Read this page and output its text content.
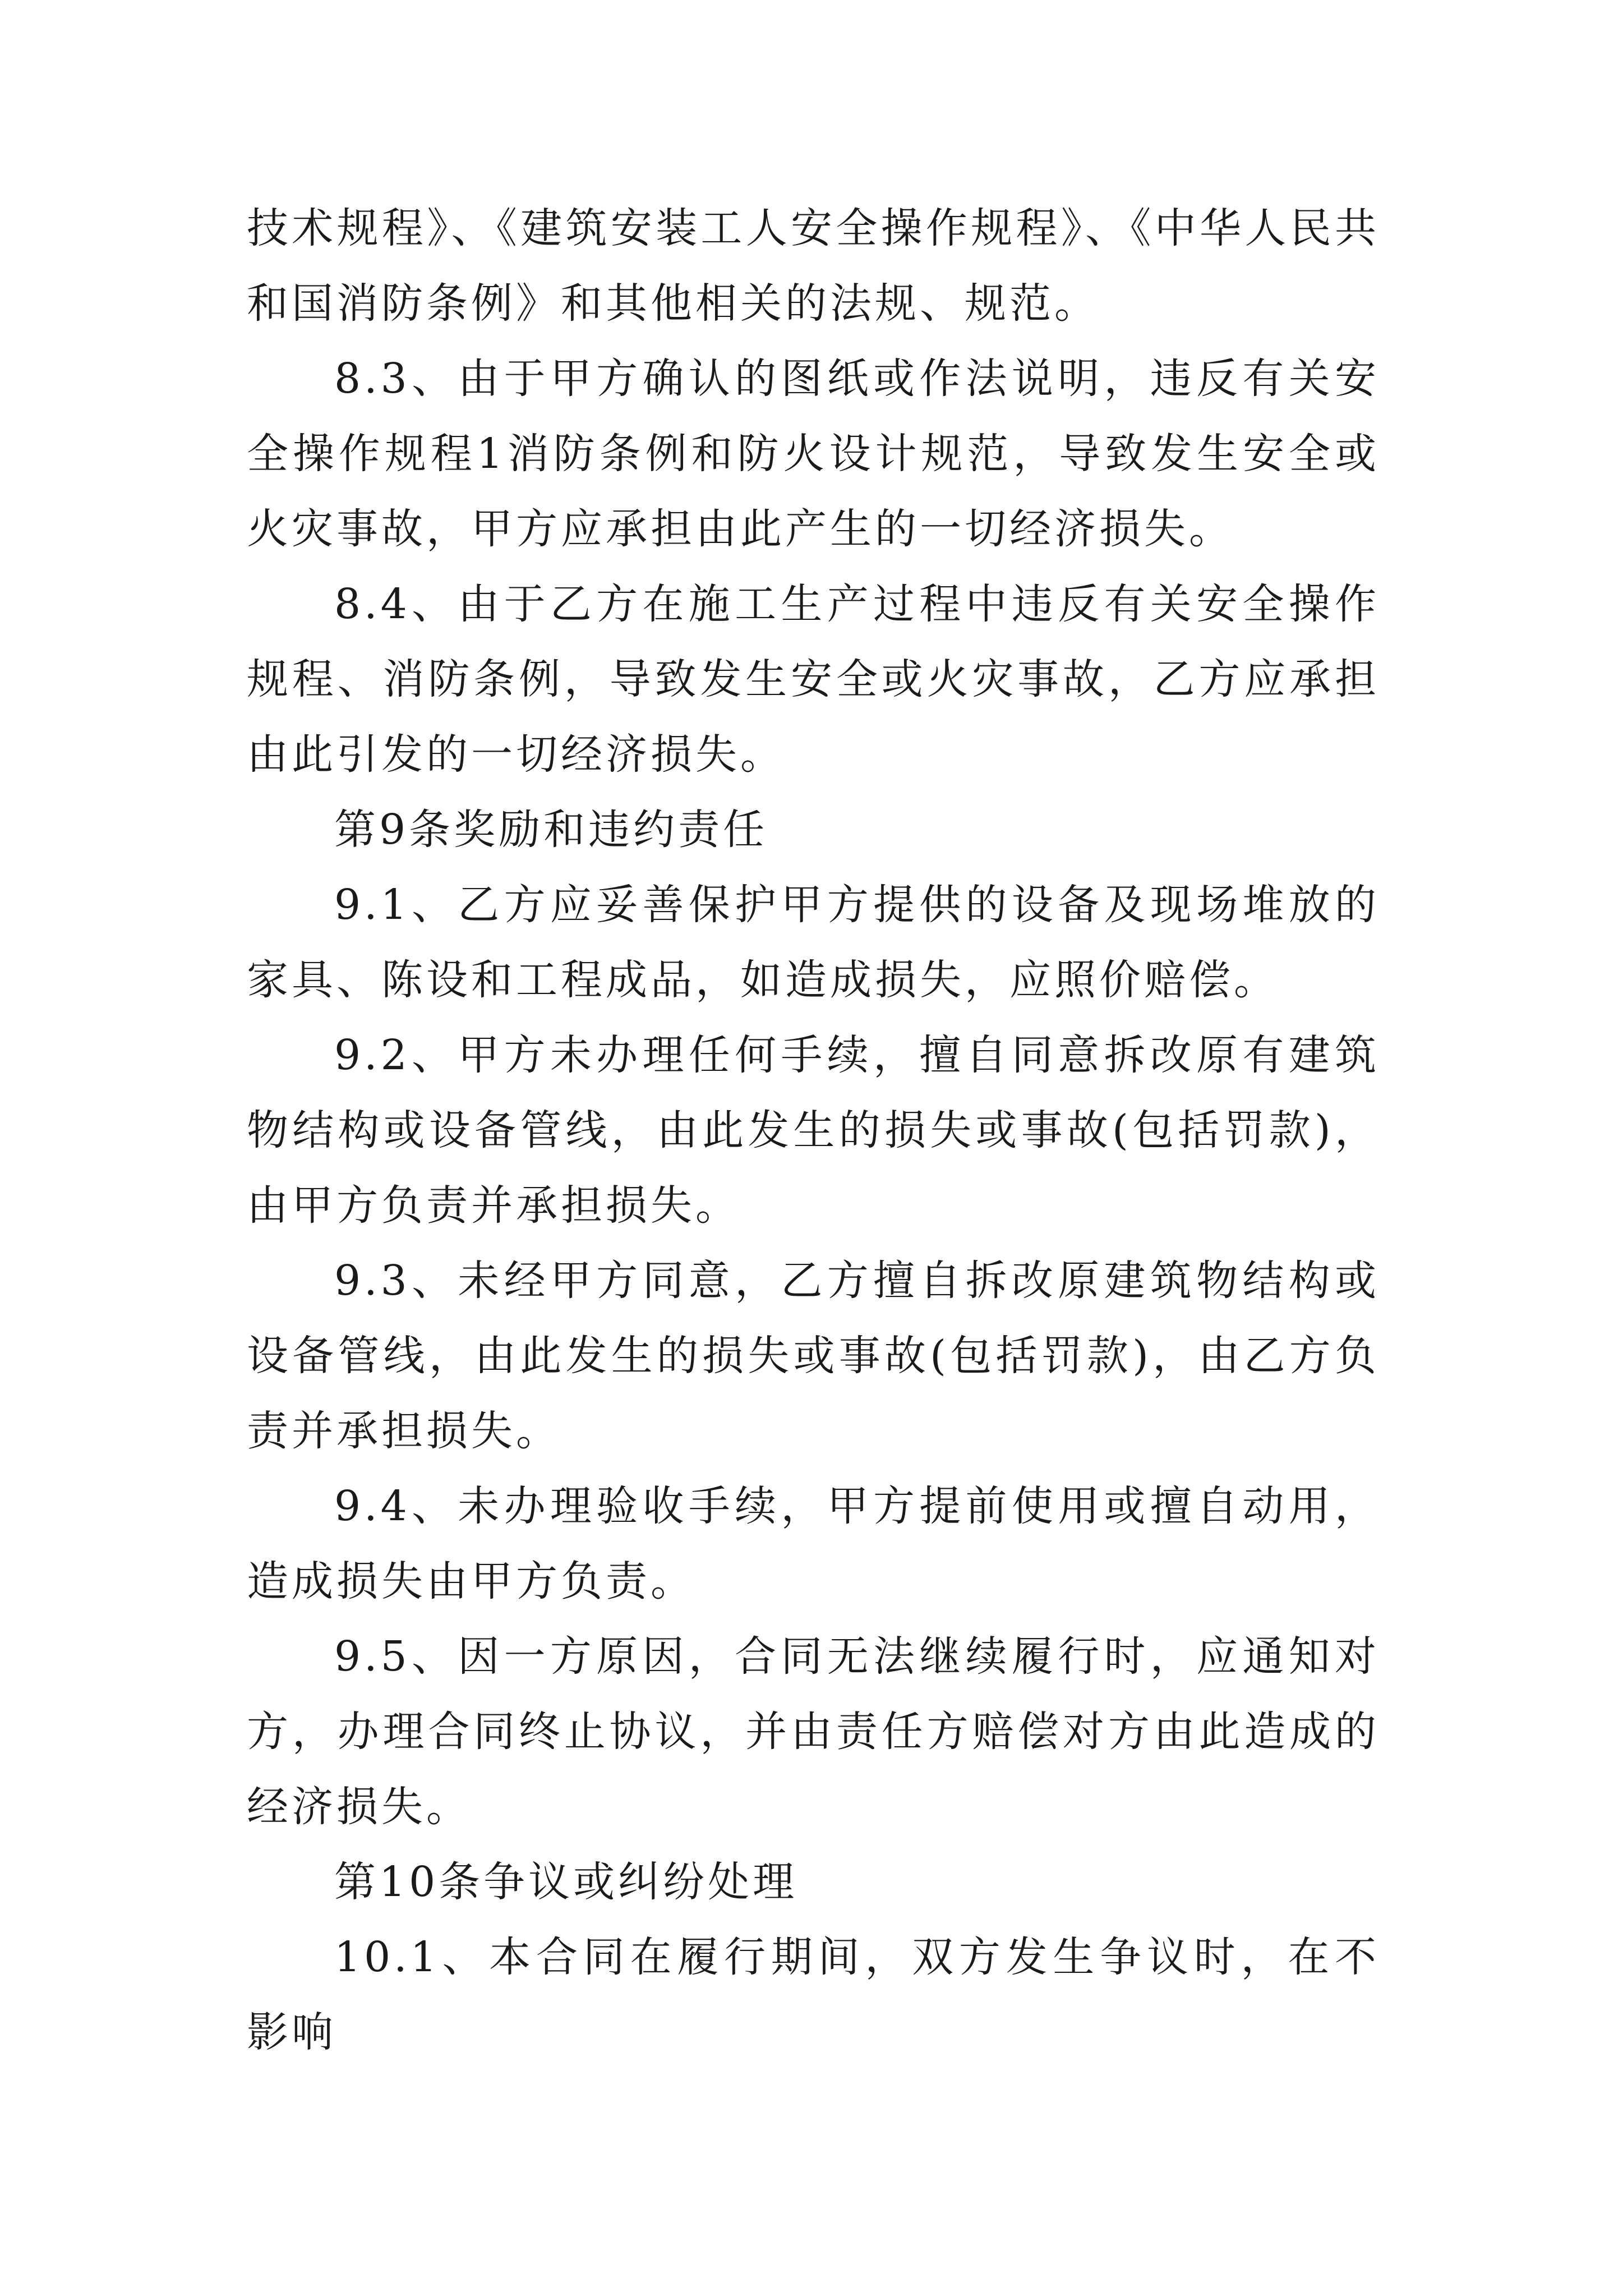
技术规程》、《建筑安装工人安全操作规程》、《中华人民共和国消防条例》和其他相关的法规、规范。

8.3、由于甲方确认的图纸或作法说明，违反有关安全操作规程1消防条例和防火设计规范，导致发生安全或火灾事故，甲方应承担由此产生的一切经济损失。

8.4、由于乙方在施工生产过程中违反有关安全操作规程、消防条例，导致发生安全或火灾事故，乙方应承担由此引发的一切经济损失。

第9条奖励和违约责任

9.1、乙方应妥善保护甲方提供的设备及现场堆放的家具、陈设和工程成品，如造成损失，应照价赔偿。

9.2、甲方未办理任何手续，擅自同意拆改原有建筑物结构或设备管线，由此发生的损失或事故(包括罚款)，由甲方负责并承担损失。

9.3、未经甲方同意，乙方擅自拆改原建筑物结构或设备管线，由此发生的损失或事故(包括罚款)，由乙方负责并承担损失。

9.4、未办理验收手续，甲方提前使用或擅自动用，造成损失由甲方负责。

9.5、因一方原因，合同无法继续履行时，应通知对方，办理合同终止协议，并由责任方赔偿对方由此造成的经济损失。

第10条争议或纠纷处理

10.1、本合同在履行期间，双方发生争议时，在不影响
